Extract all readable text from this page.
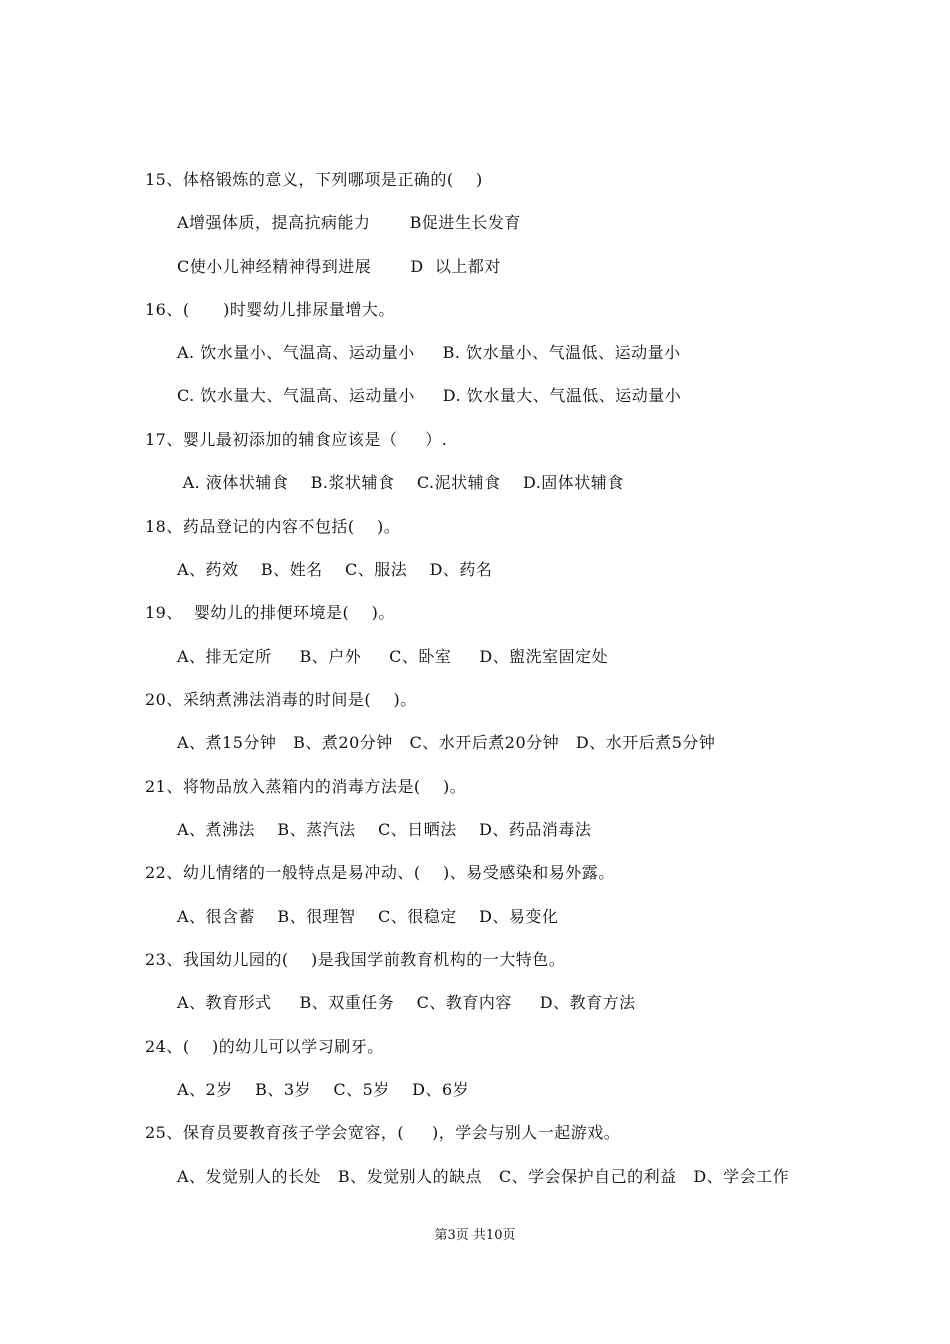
15、体格锻炼的意义，下列哪项是正确的(    )
A增强体质，提高抗病能力       B促进生长发育
C使小儿神经精神得到进展       D  以上都对
16、(      )时婴幼儿排尿量增大。
A. 饮水量小、气温高、运动量小     B. 饮水量小、气温低、运动量小
C. 饮水量大、气温高、运动量小     D. 饮水量大、气温低、运动量小
17、婴儿最初添加的辅食应该是（     ）.
A. 液体状辅食    B.浆状辅食    C.泥状辅食    D.固体状辅食
18、药品登记的内容不包括(    )。
A、药效    B、姓名    C、服法    D、药名
19、  婴幼儿的排便环境是(    )。
A、排无定所     B、户外     C、卧室     D、盥洗室固定处
20、采纳煮沸法消毒的时间是(    )。
A、煮15分钟   B、煮20分钟   C、水开后煮20分钟   D、水开后煮5分钟
21、将物品放入蒸箱内的消毒方法是(    )。
A、煮沸法    B、蒸汽法    C、日晒法    D、药品消毒法
22、幼儿情绪的一般特点是易冲动、(    )、易受感染和易外露。
A、很含蓄    B、很理智    C、很稳定    D、易变化
23、我国幼儿园的(    )是我国学前教育机构的一大特色。
A、教育形式     B、双重任务    C、教育内容     D、教育方法
24、(    )的幼儿可以学习刷牙。
A、2岁    B、3岁    C、5岁    D、6岁
25、保育员要教育孩子学会宽容，(     )，学会与别人一起游戏。
A、发觉别人的长处   B、发觉别人的缺点   C、学会保护自己的利益   D、学会工作
第3页 共10页
